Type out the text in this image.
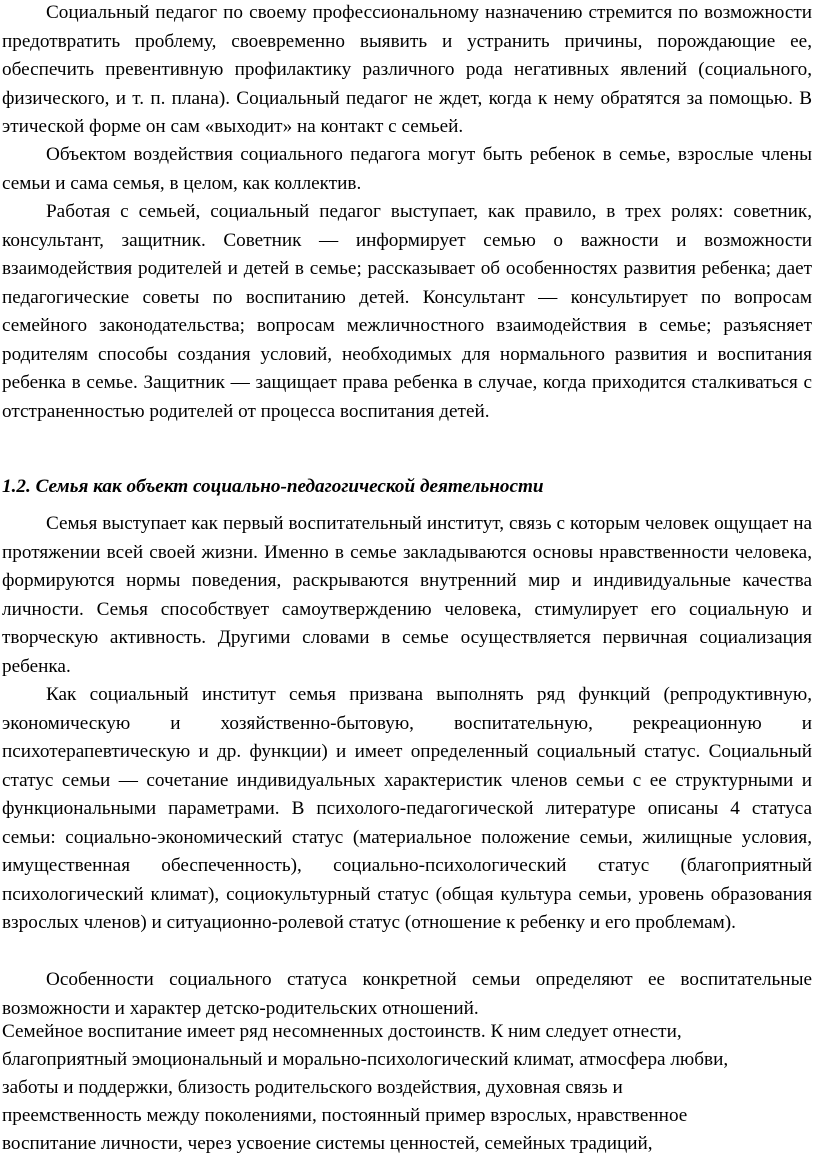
Социальный педагог по своему профессиональному назначению стремится по возможности предотвратить проблему, своевременно выявить и устранить причины, порождающие ее, обеспечить превентивную профилактику различного рода негативных явлений (социального, физического, и т. п. плана). Социальный педагог не ждет, когда к нему обратятся за помощью. В этической форме он сам «выходит» на контакт с семьей.

Объектом воздействия социального педагога могут быть ребенок в семье, взрослые члены семьи и сама семья, в целом, как коллектив.

Работая с семьей, социальный педагог выступает, как правило, в трех ролях: советник, консультант, защитник. Советник — информирует семью о важности и возможности взаимодействия родителей и детей в семье; рассказывает об особенностях развития ребенка; дает педагогические советы по воспитанию детей. Консультант — консультирует по вопросам семейного законодательства; вопросам межличностного взаимодействия в семье; разъясняет родителям способы создания условий, необходимых для нормального развития и воспитания ребенка в семье. Защитник — защищает права ребенка в случае, когда приходится сталкиваться с отстраненностью родителей от процесса воспитания детей.

1.2. Семья как объект социально-педагогической деятельности

Семья выступает как первый воспитательный институт, связь с которым человек ощущает на протяжении всей своей жизни. Именно в семье закладываются основы нравственности человека, формируются нормы поведения, раскрываются внутренний мир и индивидуальные качества личности. Семья способствует самоутверждению человека, стимулирует его социальную и творческую активность. Другими словами в семье осуществляется первичная социализация ребенка.

Как социальный институт семья призвана выполнять ряд функций (репродуктивную, экономическую и хозяйственно-бытовую, воспитательную, рекреационную и психотерапевтическую и др. функции) и имеет определенный социальный статус. Социальный статус семьи — сочетание индивидуальных характеристик членов семьи с ее структурными и функциональными параметрами. В психолого-педагогической литературе описаны 4 статуса семьи: социально-экономический статус (материальное положение семьи, жилищные условия, имущественная обеспеченность), социально-психологический статус (благоприятный психологический климат), социокультурный статус (общая культура семьи, уровень образования взрослых членов) и ситуационно-ролевой статус (отношение к ребенку и его проблемам).

Особенности социального статуса конкретной семьи определяют ее воспитательные возможности и характер детско-родительских отношений.

Семейное воспитание имеет ряд несомненных достоинств. К ним следует отнести,

благоприятный эмоциональный и морально-психологический климат, атмосфера любви,

заботы и поддержки, близость родительского воздействия, духовная связь и

преемственность между поколениями, постоянный пример взрослых, нравственное

воспитание личности, через усвоение системы ценностей, семейных традиций,
